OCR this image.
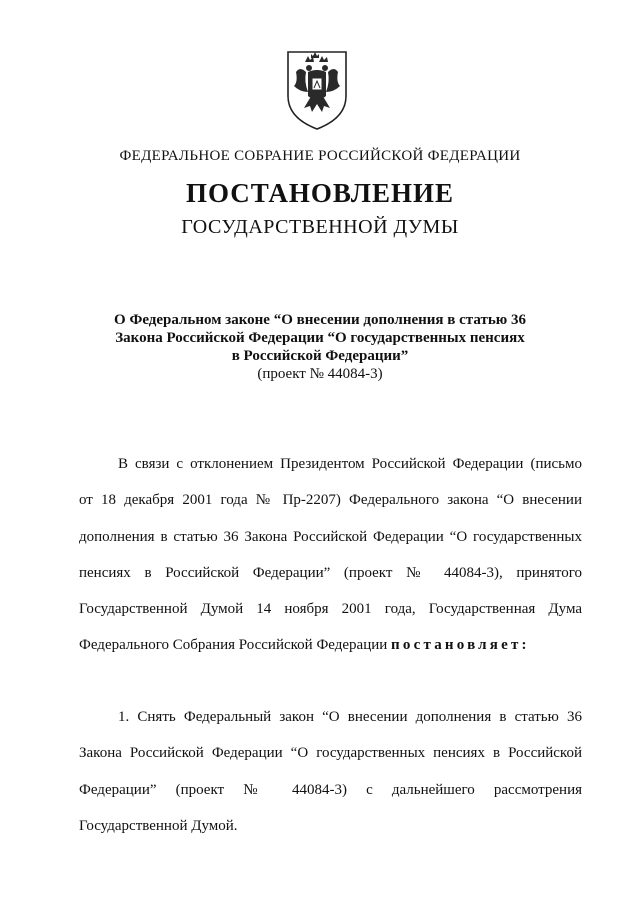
ФЕДЕРАЛЬНОЕ СОБРАНИЕ РОССИЙСКОЙ ФЕДЕРАЦИИ
ПОСТАНОВЛЕНИЕ
ГОСУДАРСТВЕННОЙ ДУМЫ
О Федеральном законе “О внесении дополнения в статью 36
Закона Российской Федерации “О государственных пенсиях
в Российской Федерации”
(проект № 44084-3)
В связи с отклонением Президентом Российской Федерации (письмо
от 18 декабря 2001 года № Пр-2207) Федерального закона “О внесении
дополнения в статью 36 Закона Российской Федерации “О государственных
пенсиях в Российской Федерации” (проект № 44084-3), принятого
Государственной Думой 14 ноября 2001 года, Государственная Дума
Федерального Собрания Российской Федерации постановляет:
1. Снять Федеральный закон “О внесении дополнения в статью 36
Закона Российской Федерации “О государственных пенсиях в Российской
Федерации” (проект № 44084-3) с дальнейшего рассмотрения
Государственной Думой.
